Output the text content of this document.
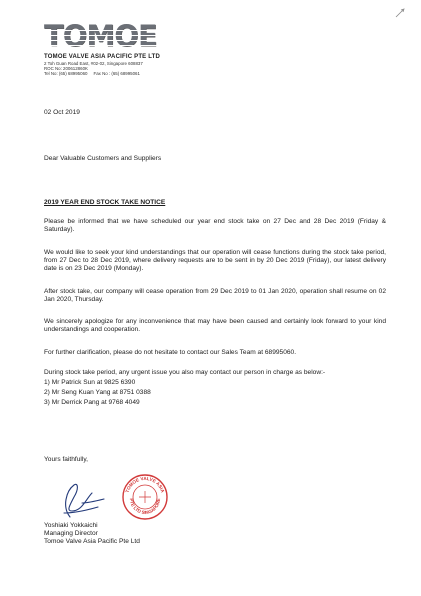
TOMOE VALVE ASIA PACIFIC PTE LTD
2 Toh Guan Road East, #02-02, Singapore 608837
ROC No: 200612860K
Tel No: (65) 68995060     Fax No : (65) 68995061
02 Oct 2019
Dear Valuable Customers and Suppliers
2019 YEAR END STOCK TAKE NOTICE
Please be informed that we have scheduled our year end stock take on 27 Dec and 28 Dec 2019 (Friday & Saturday).
We would like to seek your kind understandings that our operation will cease functions during the stock take period, from 27 Dec to 28 Dec 2019, where delivery requests are to be sent in by 20 Dec 2019 (Friday), our latest delivery date is on 23 Dec 2019 (Monday).
After stock take, our company will cease operation from 29 Dec 2019 to 01 Jan 2020, operation shall resume on 02 Jan 2020, Thursday.
We sincerely apologize for any inconvenience that may have been caused and certainly look forward to your kind understandings and cooperation.
For further clarification, please do not hesitate to contact our Sales Team at 68995060.
During stock take period, any urgent issue you also may contact our person in charge as below:-
1) Mr Patrick Sun at 9825 6390
2) Mr Seng Kuan Yang at 8751 0388
3) Mr Derrick Pang at 9768 4049
Yours faithfully,
TOMOE VALVE ASIA
PTE LTD SINGAPORE
Yoshiaki Yokkaichi
Managing Director
Tomoe Valve Asia Pacific Pte Ltd
